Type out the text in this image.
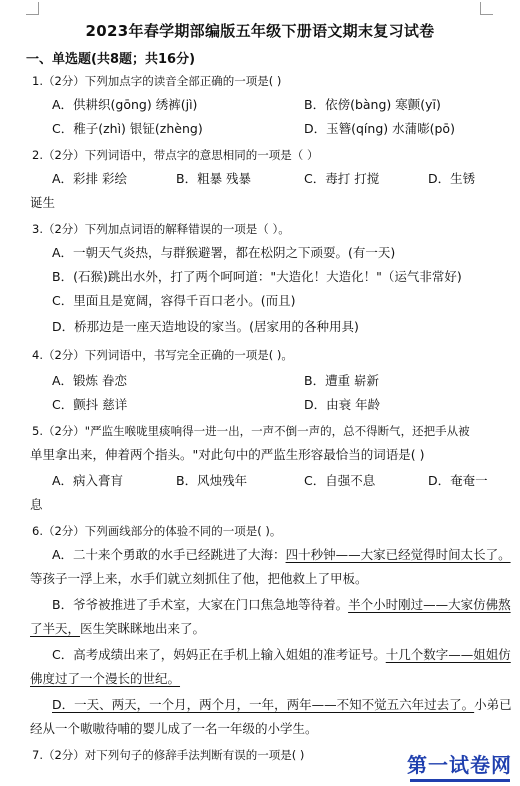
2023年春学期部编版五年级下册语文期末复习试卷
一、单选题(共8题；共16分)
1.（2分）下列加点字的读音全部正确的一项是( )
A．供耕织(gōng) 绣裤(jì)	B．依傍(bàng) 寒颤(yī)
C．稚子(zhì) 银钲(zhèng)	D．玉簪(qíng) 水蒲嘭(pō)
2.（2分）下列词语中，带点字的意思相同的一项是（ ）
A．彩排 彩绘	B．粗暴 残暴	C．毒打 打搅	D．生锈
诞生
3.（2分）下列加点词语的解释错误的一项是（ ）。
A．一朝天气炎热，与群猴避署，都在松阴之下顽耍。(有一天)
B．(石猴)跳出水外，打了两个呵呵道："大造化！大造化！"（运气非常好)
C．里面且是宽阔，容得千百口老小。(而且)
D．桥那边是一座天造地设的家当。(居家用的各种用具)
4.（2分）下列词语中，书写完全正确的一项是( )。
A．锻炼 眷恋	B．遭重 崭新
C．颤抖 慈详	D．由衰 年龄
5.（2分）"严监生喉咙里痰响得一进一出，一声不倒一声的，总不得断气，还把手从被
单里拿出来，伸着两个指头。"对此句中的严监生形容最恰当的词语是( )
A．病入膏肓	B．风烛残年	C．自强不息	D．奄奄一
息
6.（2分）下列画线部分的体验不同的一项是( )。
A．二十来个勇敢的水手已经跳进了大海：四十秒钟——大家已经觉得时间太长了。
等孩子一浮上来，水手们就立刻抓住了他，把他救上了甲板。
B．爷爷被推进了手术室，大家在门口焦急地等待着。半个小时刚过——大家仿佛熬
了半天，医生笑眯眯地出来了。
C．高考成绩出来了，妈妈正在手机上输入姐姐的准考证号。十几个数字——姐姐仿
佛度过了一个漫长的世纪。
D．一天、两天，一个月，两个月，一年，两年——不知不觉五六年过去了。小弟已
经从一个嗷嗷待哺的婴儿成了一名一年级的小学生。
7.（2分）对下列句子的修辞手法判断有误的一项是( )	第一试卷网
